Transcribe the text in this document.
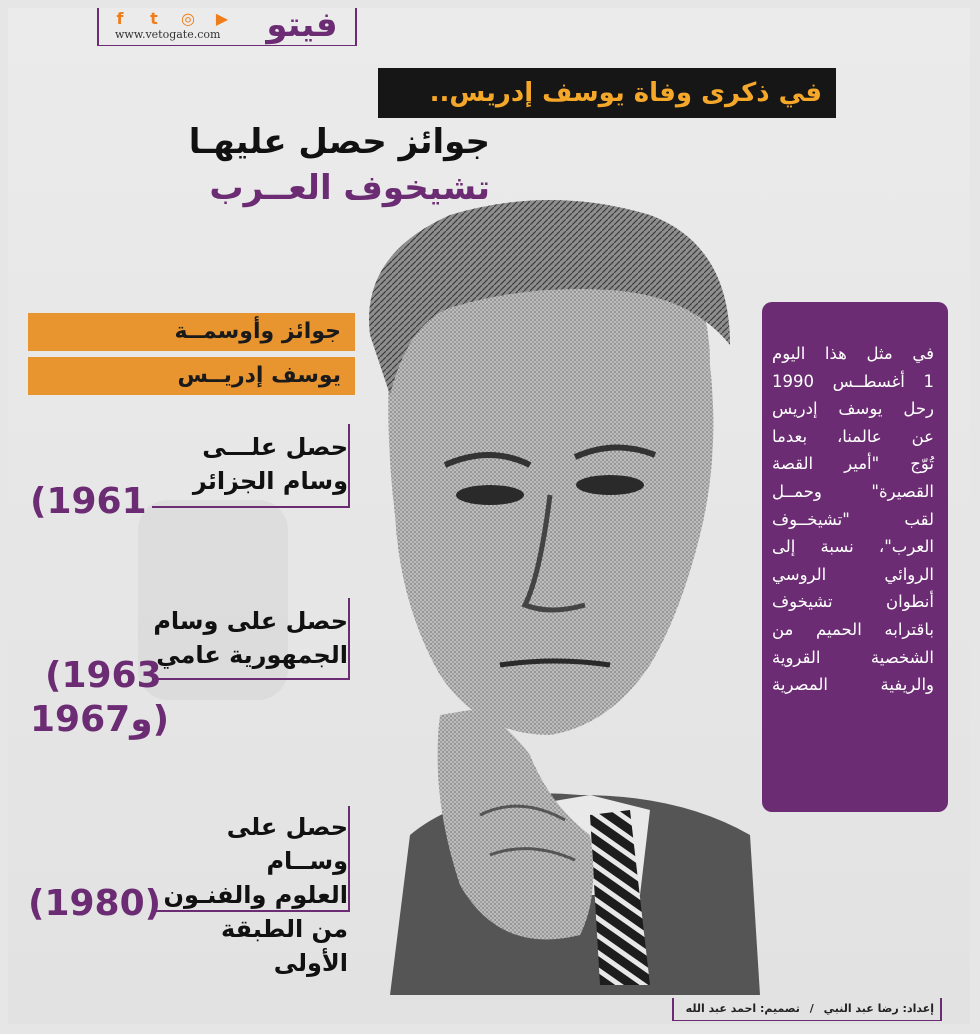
f	t	◎ ▶
www.vetogate.com	فيتو
في ذكرى وفاة يوسف إدريس..
جوائز حصل عليهـا
تشيخوف العــرب
جوائز وأوسمــة
يوسف إدريــس
حصل علـــى
وسام الجزائر
(1961
حصل على وسام
الجمهورية عامي
(1963
و1967)
حصل على وســام
العلوم والفنـون
من الطبقة الأولى
(1980)
في مثل هذا اليوم
1 أغسطــس 1990
رحل يوسف إدريس
عن عالمنا، بعدما
تُوّج "أمير القصة
القصيرة" وحمــل
لقب "تشيخــوف
العرب"، نسبة إلى
الروائي الروسي
أنطوان تشيخوف
باقترابه الحميم من
الشخصية القروية
والريفية المصرية
إعداد: رضا عبد النبي / تصميم: احمد عبد الله
